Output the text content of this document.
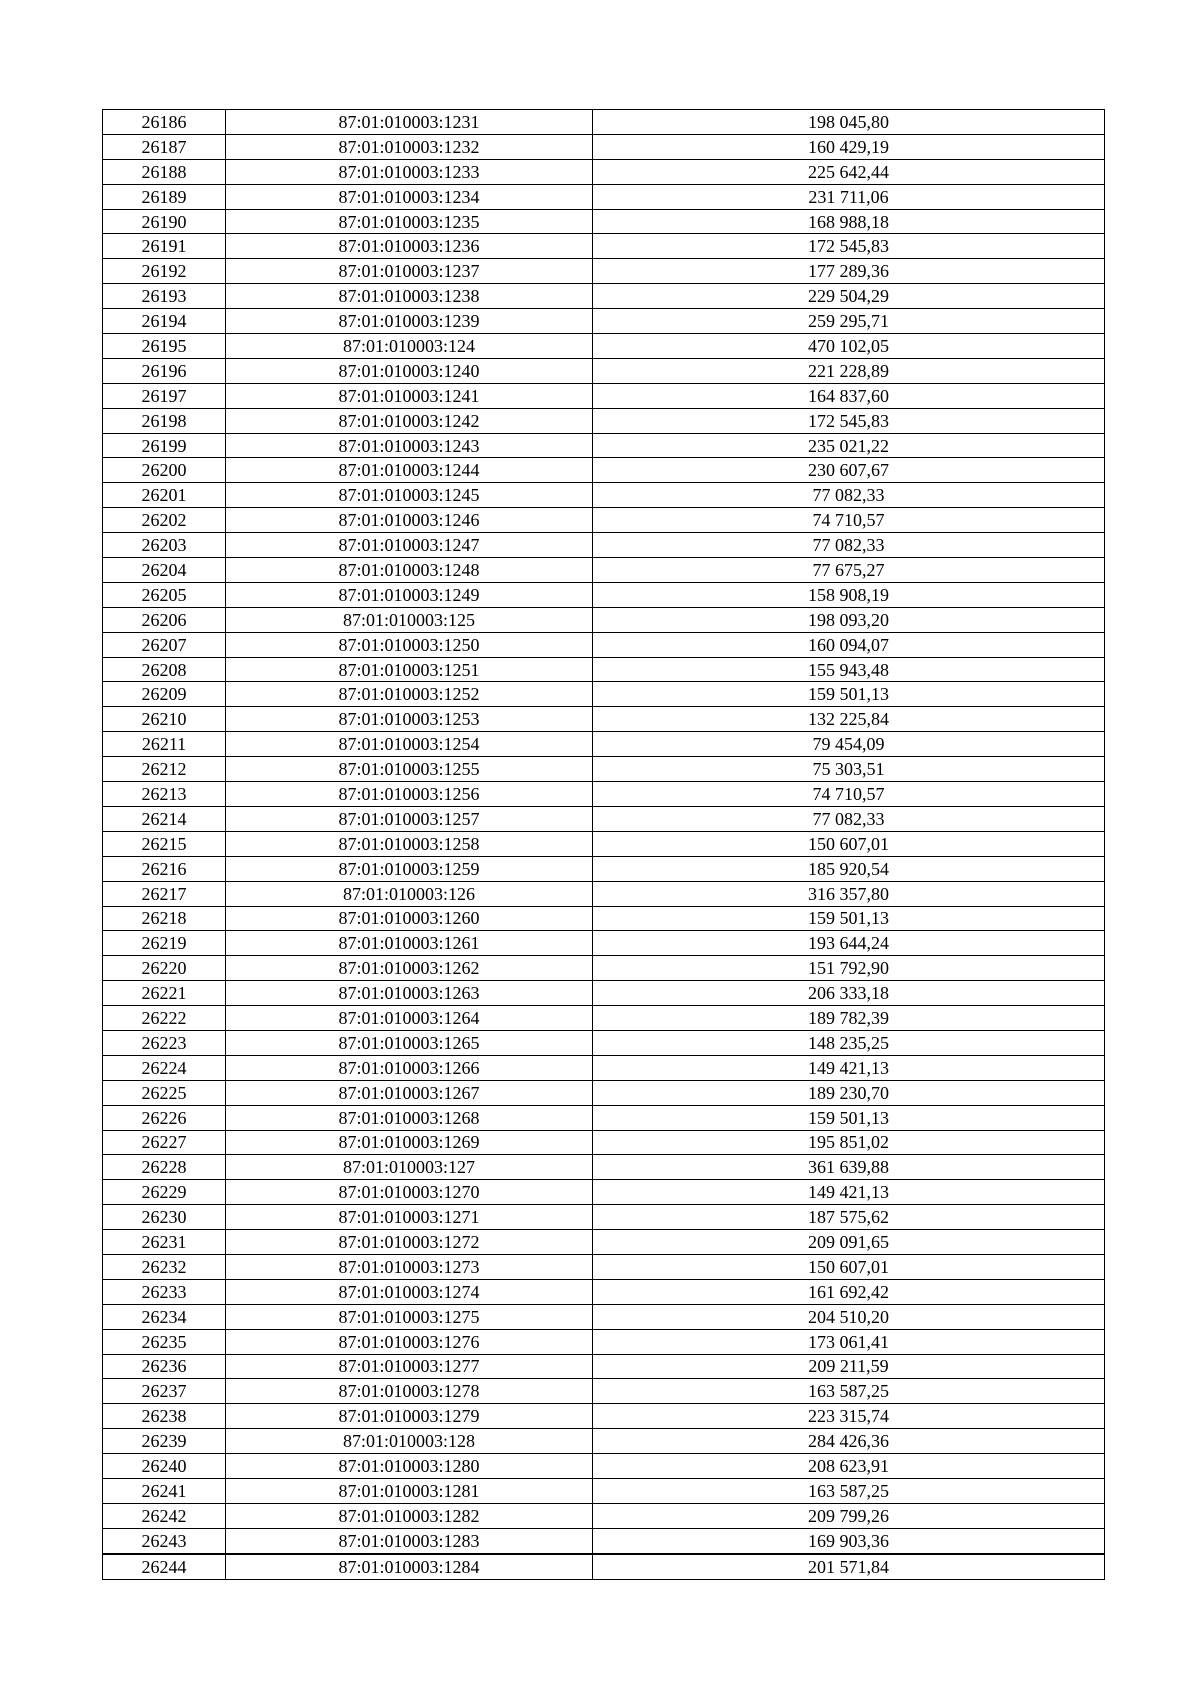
26186	87:01:010003:1231	198 045,80
26187	87:01:010003:1232	160 429,19
26188	87:01:010003:1233	225 642,44
26189	87:01:010003:1234	231 711,06
26190	87:01:010003:1235	168 988,18
26191	87:01:010003:1236	172 545,83
26192	87:01:010003:1237	177 289,36
26193	87:01:010003:1238	229 504,29
26194	87:01:010003:1239	259 295,71
26195	87:01:010003:124	470 102,05
26196	87:01:010003:1240	221 228,89
26197	87:01:010003:1241	164 837,60
26198	87:01:010003:1242	172 545,83
26199	87:01:010003:1243	235 021,22
26200	87:01:010003:1244	230 607,67
26201	87:01:010003:1245	77 082,33
26202	87:01:010003:1246	74 710,57
26203	87:01:010003:1247	77 082,33
26204	87:01:010003:1248	77 675,27
26205	87:01:010003:1249	158 908,19
26206	87:01:010003:125	198 093,20
26207	87:01:010003:1250	160 094,07
26208	87:01:010003:1251	155 943,48
26209	87:01:010003:1252	159 501,13
26210	87:01:010003:1253	132 225,84
26211	87:01:010003:1254	79 454,09
26212	87:01:010003:1255	75 303,51
26213	87:01:010003:1256	74 710,57
26214	87:01:010003:1257	77 082,33
26215	87:01:010003:1258	150 607,01
26216	87:01:010003:1259	185 920,54
26217	87:01:010003:126	316 357,80
26218	87:01:010003:1260	159 501,13
26219	87:01:010003:1261	193 644,24
26220	87:01:010003:1262	151 792,90
26221	87:01:010003:1263	206 333,18
26222	87:01:010003:1264	189 782,39
26223	87:01:010003:1265	148 235,25
26224	87:01:010003:1266	149 421,13
26225	87:01:010003:1267	189 230,70
26226	87:01:010003:1268	159 501,13
26227	87:01:010003:1269	195 851,02
26228	87:01:010003:127	361 639,88
26229	87:01:010003:1270	149 421,13
26230	87:01:010003:1271	187 575,62
26231	87:01:010003:1272	209 091,65
26232	87:01:010003:1273	150 607,01
26233	87:01:010003:1274	161 692,42
26234	87:01:010003:1275	204 510,20
26235	87:01:010003:1276	173 061,41
26236	87:01:010003:1277	209 211,59
26237	87:01:010003:1278	163 587,25
26238	87:01:010003:1279	223 315,74
26239	87:01:010003:128	284 426,36
26240	87:01:010003:1280	208 623,91
26241	87:01:010003:1281	163 587,25
26242	87:01:010003:1282	209 799,26
26243	87:01:010003:1283	169 903,36
26244	87:01:010003:1284	201 571,84
